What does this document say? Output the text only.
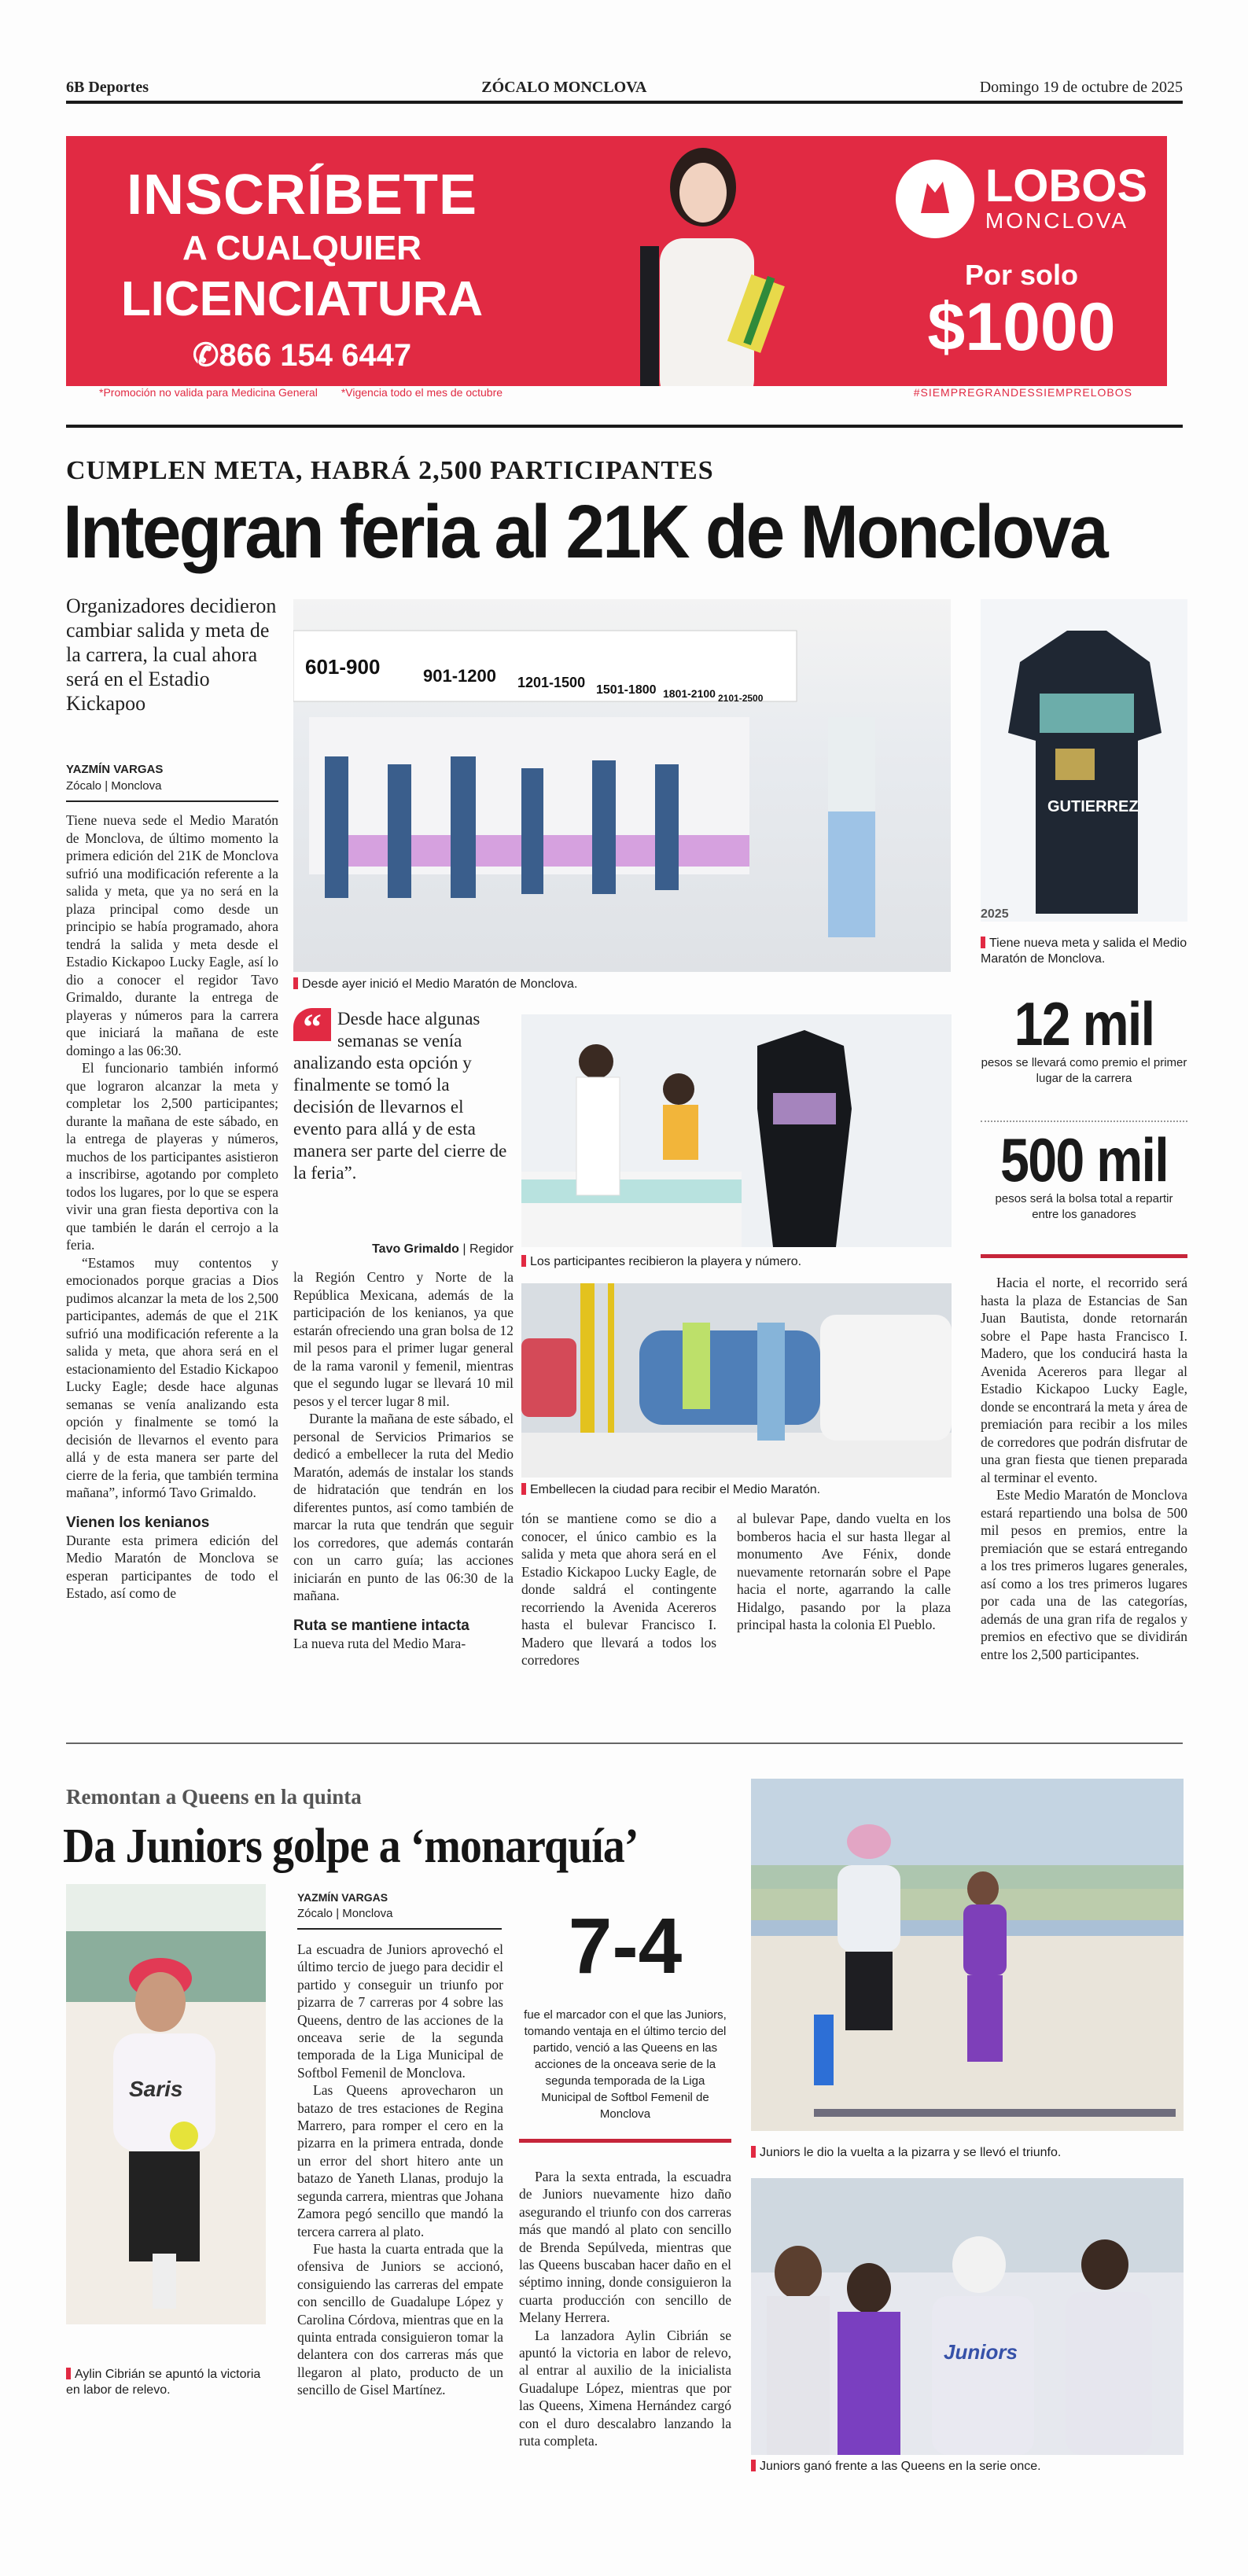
6B Deportes	ZÓCALO MONCLOVA	Domingo 19 de octubre de 2025
INSCRÍBETE
A CUALQUIER
LICENCIATURA
✆866 154 6447
LOBOS
MONCLOVA
Por solo
$1000
*Promoción no valida para Medicina General *Vigencia todo el mes de octubre	#SIEMPREGRANDESSIEMPRELOBOS
CUMPLEN META, HABRÁ 2,500 PARTICIPANTES
Integran feria al 21K de Monclova
Organizadores decidieron cambiar salida y meta de la carrera, la cual ahora será en el Estadio Kickapoo
YAZMÍN VARGAS
Zócalo | Monclova

Tiene nueva sede el Medio Maratón de Monclova, de último momento la primera edición del 21K de Monclova sufrió una modificación referente a la salida y meta, que ya no será en la plaza principal como desde un principio se había programado, ahora tendrá la salida y meta desde el Estadio Kickapoo Lucky Eagle, así lo dio a conocer el regidor Tavo Grimaldo, durante la entrega de playeras y números para la carrera que iniciará la mañana de este domingo a las 06:30.

El funcionario también informó que lograron alcanzar la meta y completar los 2,500 participantes; durante la mañana de este sábado, en la entrega de playeras y números, muchos de los participantes asistieron a inscribirse, agotando por completo todos los lugares, por lo que se espera vivir una gran fiesta deportiva con la que también le darán el cerrojo a la feria.

“Estamos muy contentos y emocionados porque gracias a Dios pudimos alcanzar la meta de los 2,500 participantes, además de que el 21K sufrió una modificación referente a la salida y meta, que ahora será en el estacionamiento del Estadio Kickapoo Lucky Eagle; desde hace algunas semanas se venía analizando esta opción y finalmente se tomó la decisión de llevarnos el evento para allá y de esta manera ser parte del cierre de la feria, que también termina mañana”, informó Tavo Grimaldo.

Vienen los kenianos

Durante esta primera edición del Medio Maratón de Monclova se esperan participantes de todo el Estado, así como de

601-900 901-1200 1201-1500 1501-1800 1801-2100 2101-2500
Desde ayer inició el Medio Maratón de Monclova.
GUTIERREZ
2025
Tiene nueva meta y salida el Medio Maratón de Monclova.
“ Desde hace algunas semanas se venía analizando esta opción y finalmente se tomó la decisión de llevarnos el evento para allá y de esta manera ser parte del cierre de la feria”.
Tavo Grimaldo | Regidor

la Región Centro y Norte de la República Mexicana, además de la participación de los kenianos, ya que estarán ofreciendo una gran bolsa de 12 mil pesos para el primer lugar general de la rama varonil y femenil, mientras que el segundo lugar se llevará 10 mil pesos y el tercer lugar 8 mil.

Durante la mañana de este sábado, el personal de Servicios Primarios se dedicó a embellecer la ruta del Medio Maratón, además de instalar los stands de hidratación que tendrán en los diferentes puntos, así como también de marcar la ruta que tendrán que seguir los corredores, que además contarán con un carro guía; las acciones iniciarán en punto de las 06:30 de la mañana.

Ruta se mantiene intacta

La nueva ruta del Medio Mara-

Los participantes recibieron la playera y número.
Embellecen la ciudad para recibir el Medio Maratón.

tón se mantiene como se dio a conocer, el único cambio es la salida y meta que ahora será en el Estadio Kickapoo Lucky Eagle, de donde saldrá el contingente recorriendo la Avenida Acereros hasta el bulevar Francisco I. Madero que llevará a todos los corredores

al bulevar Pape, dando vuelta en los bomberos hacia el sur hasta llegar al monumento Ave Fénix, donde nuevamente retornarán sobre el Pape hacia el norte, agarrando la calle Hidalgo, pasando por la plaza principal hasta la colonia El Pueblo.

12 mil
pesos se llevará como premio el primer lugar de la carrera
500 mil
pesos será la bolsa total a repartir entre los ganadores

Hacia el norte, el recorrido será hasta la plaza de Estancias de San Juan Bautista, donde retornarán sobre el Pape hasta Francisco I. Madero, que los conducirá hasta la Avenida Acereros para llegar al Estadio Kickapoo Lucky Eagle, donde se encontrará la meta y área de premiación para recibir a los miles de corredores que podrán disfrutar de una gran fiesta que tienen preparada al terminar el evento.

Este Medio Maratón de Monclova estará repartiendo una bolsa de 500 mil pesos en premios, entre la premiación que se estará entregando a los tres primeros lugares generales, así como a los tres primeros lugares por cada una de las categorías, además de una gran rifa de regalos y premios en efectivo que se dividirán entre los 2,500 participantes.

Remontan a Queens en la quinta
Da Juniors golpe a ‘monarquía’
Saris
Aylin Cibrián se apuntó la victoria en labor de relevo.
YAZMÍN VARGAS
Zócalo | Monclova

La escuadra de Juniors aprovechó el último tercio de juego para decidir el partido y conseguir un triunfo por pizarra de 7 carreras por 4 sobre las Queens, dentro de las acciones de la onceava serie de la segunda temporada de la Liga Municipal de Softbol Femenil de Monclova.

Las Queens aprovecharon un batazo de tres estaciones de Regina Marrero, para romper el cero en la pizarra en la primera entrada, donde un error del short hitero ante un batazo de Yaneth Llanas, produjo la segunda carrera, mientras que Johana Zamora pegó sencillo que mandó la tercera carrera al plato.

Fue hasta la cuarta entrada que la ofensiva de Juniors se accionó, consiguiendo las carreras del empate con sencillo de Guadalupe López y Carolina Córdova, mientras que en la quinta entrada consiguieron tomar la delantera con dos carreras más que llegaron al plato, producto de un sencillo de Gisel Martínez.

7-4
fue el marcador con el que las Juniors, tomando ventaja en el último tercio del partido, venció a las Queens en las acciones de la onceava serie de la segunda temporada de la Liga Municipal de Softbol Femenil de Monclova

Para la sexta entrada, la escuadra de Juniors nuevamente hizo daño asegurando el triunfo con dos carreras más que mandó al plato con sencillo de Brenda Sepúlveda, mientras que las Queens buscaban hacer daño en el séptimo inning, donde consiguieron la cuarta producción con sencillo de Melany Herrera.

La lanzadora Aylin Cibrián se apuntó la victoria en labor de relevo, al entrar al auxilio de la inicialista Guadalupe López, mientras que por las Queens, Ximena Hernández cargó con el duro descalabro lanzando la ruta completa.

Juniors le dio la vuelta a la pizarra y se llevó el triunfo.
Juniors
Juniors ganó frente a las Queens en la serie once.
